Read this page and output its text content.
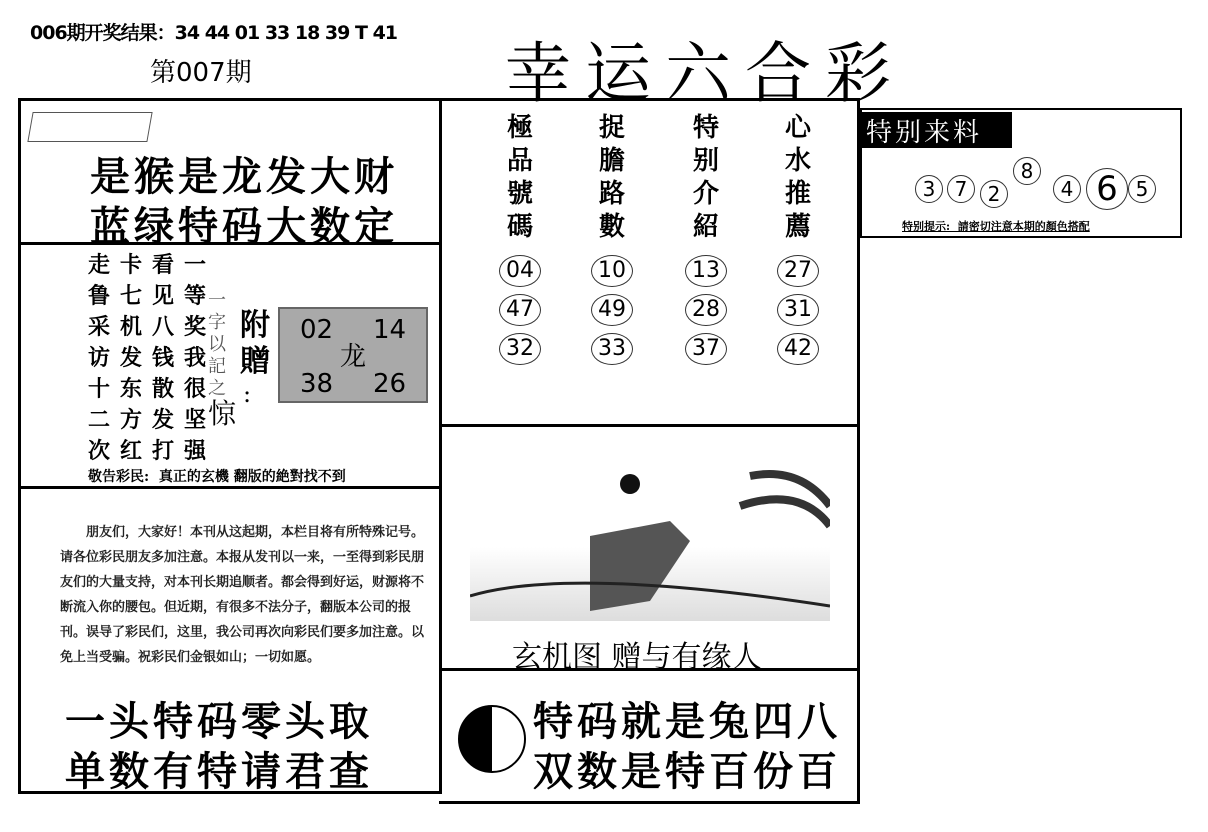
006期开奖结果：34 44 01 33 18 39 T 41
第007期	幸运六合彩
是猴是龙发大财
蓝绿特码大数定
走 卡 看 一
鲁 七 见 等
采 机 八 奖
访 发 钱 我
十 东 散 很
二 方 发 坚
次 红 打 强
一字以記之
惊
附贈
:
02 14
龙
38 26
敬告彩民:  真正的玄機 翻版的絶對找不到
朋友们，大家好！本刊从这起期，本栏目将有所特殊记号。请各位彩民朋友多加注意。本报从发刊以一来，一至得到彩民朋友们的大量支持，对本刊长期追顺者。都会得到好运，财源将不断流入你的腰包。但近期，有很多不法分子，翻版本公司的报刊。误导了彩民们，这里，我公司再次向彩民们要多加注意。以免上当受骗。祝彩民们金银如山；一切如愿。
一头特码零头取
单数有特请君查
極品號碼
04
47
32
捉膽路數
10
49
33
特别介紹
13
28
37
心水推薦
27
31
42
玄机图 赠与有缘人
特码就是兔四八
双数是特百份百
特别来料
3 7	2
8
4 6 5
特别提示:  請密切注意本期的顏色搭配
